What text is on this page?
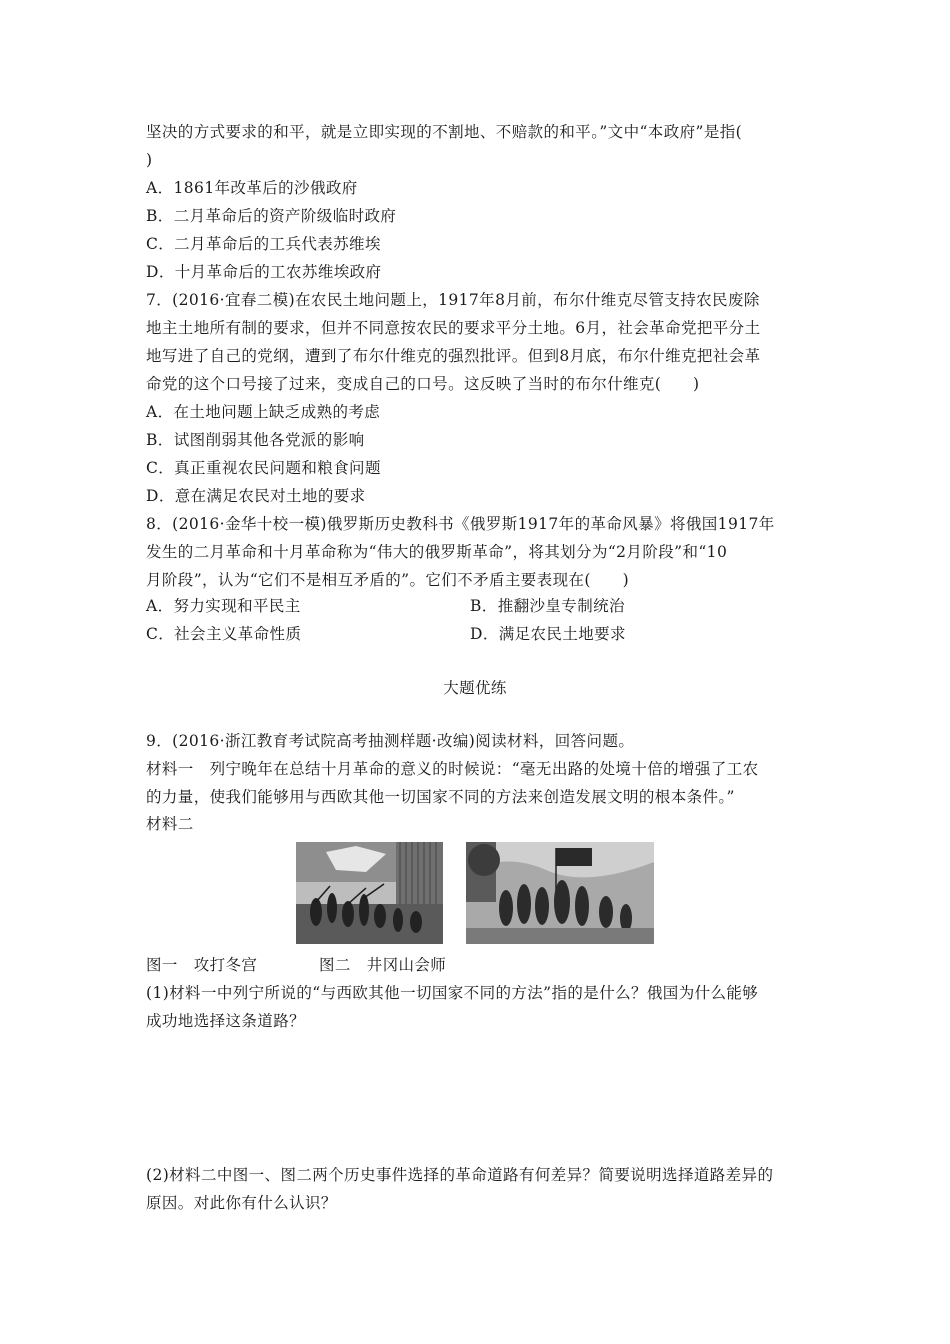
坚决的方式要求的和平，就是立即实现的不割地、不赔款的和平。”文中“本政府”是指(
)
A．1861年改革后的沙俄政府
B．二月革命后的资产阶级临时政府
C．二月革命后的工兵代表苏维埃
D．十月革命后的工农苏维埃政府
7．(2016·宜春二模)在农民土地问题上，1917年8月前，布尔什维克尽管支持农民废除
地主土地所有制的要求，但并不同意按农民的要求平分土地。6月，社会革命党把平分土
地写进了自己的党纲，遭到了布尔什维克的强烈批评。但到8月底，布尔什维克把社会革
命党的这个口号接了过来，变成自己的口号。这反映了当时的布尔什维克(　　)
A．在土地问题上缺乏成熟的考虑
B．试图削弱其他各党派的影响
C．真正重视农民问题和粮食问题
D．意在满足农民对土地的要求
8．(2016·金华十校一模)俄罗斯历史教科书《俄罗斯1917年的革命风暴》将俄国1917年
发生的二月革命和十月革命称为“伟大的俄罗斯革命”，将其划分为“2月阶段”和“10
月阶段”，认为“它们不是相互矛盾的”。它们不矛盾主要表现在(　　)
A．努力实现和平民主	B．推翻沙皇专制统治
C．社会主义革命性质	D．满足农民土地要求
大题优练
9．(2016·浙江教育考试院高考抽测样题·改编)阅读材料，回答问题。
材料一　列宁晚年在总结十月革命的意义的时候说：“毫无出路的处境十倍的增强了工农
的力量，使我们能够用与西欧其他一切国家不同的方法来创造发展文明的根本条件。”
材料二
图一　攻打冬宫	图二　井冈山会师
(1)材料一中列宁所说的“与西欧其他一切国家不同的方法”指的是什么？俄国为什么能够
成功地选择这条道路？
(2)材料二中图一、图二两个历史事件选择的革命道路有何差异？简要说明选择道路差异的
原因。对此你有什么认识？
